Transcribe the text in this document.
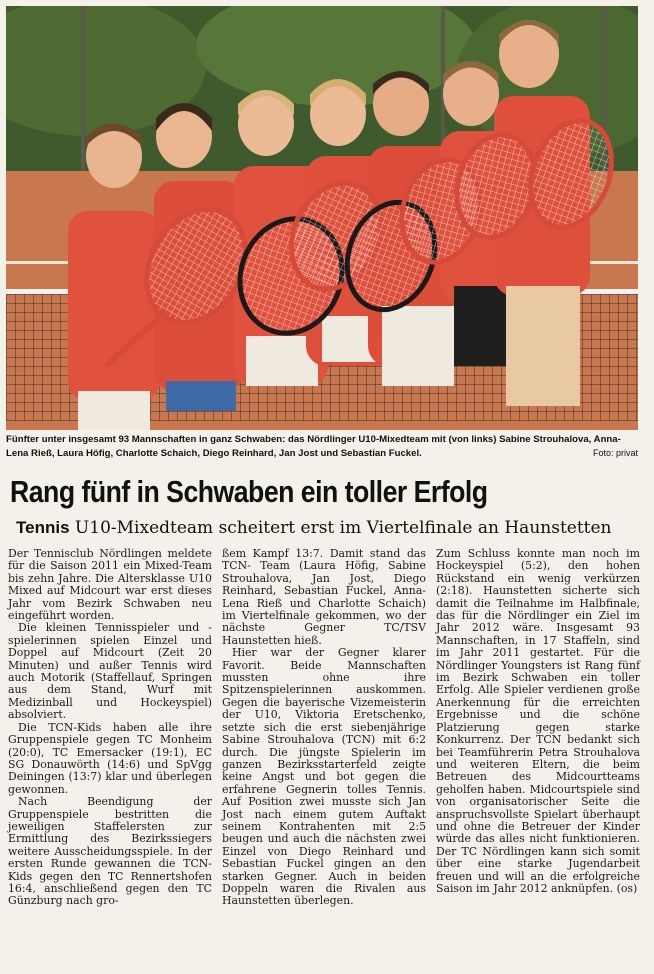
Fünfter unter insgesamt 93 Mannschaften in ganz Schwaben: das Nördlinger U10-Mixedteam mit (von links) Sabine Strouhalova, Anna-Lena Rieß, Laura Höfig, Charlotte Schaich, Diego Reinhard, Jan Jost und Sebastian Fuckel.	Foto: privat
Rang fünf in Schwaben ein toller Erfolg
Tennis U10-Mixedteam scheitert erst im Viertelfinale an Haunstetten

Der Tennisclub Nördlingen meldete für die Saison 2011 ein Mixed-Team bis zehn Jahre. Die Altersklasse U10 Mixed auf Midcourt war erst dieses Jahr vom Bezirk Schwaben neu eingeführt worden.

Die kleinen Tennisspieler und -spielerinnen spielen Einzel und Doppel auf Midcourt (Zeit 20 Minuten) und außer Tennis wird auch Motorik (Staffellauf, Springen aus dem Stand, Wurf mit Medizinball und Hockeyspiel) absolviert.

Die TCN-Kids haben alle ihre Gruppenspiele gegen TC Monheim (20:0), TC Emersacker (19:1), EC SG Donauwörth (14:6) und SpVgg Deiningen (13:7) klar und überlegen gewonnen.

Nach Beendigung der Gruppenspiele bestritten die jeweiligen Staffelersten zur Ermittlung des Bezirkssiegers weitere Ausscheidungsspiele. In der ersten Runde gewannen die TCN-Kids gegen den TC Rennertshofen 16:4, anschließend gegen den TC Günzburg nach gro-

ßem Kampf 13:7. Damit stand das TCN- Team (Laura Höfig, Sabine Strouhalova, Jan Jost, Diego Reinhard, Sebastian Fuckel, Anna-Lena Rieß und Charlotte Schaich) im Viertelfinale gekommen, wo der nächste Gegner TC/TSV Haunstetten hieß.

Hier war der Gegner klarer Favorit. Beide Mannschaften mussten ohne ihre Spitzenspielerinnen auskommen. Gegen die bayerische Vizemeisterin der U10, Viktoria Eretschenko, setzte sich die erst siebenjährige Sabine Strouhalova (TCN) mit 6:2 durch. Die jüngste Spielerin im ganzen Bezirksstarterfeld zeigte keine Angst und bot gegen die erfahrene Gegnerin tolles Tennis. Auf Position zwei musste sich Jan Jost nach einem gutem Auftakt seinem Kontrahenten mit 2:5 beugen und auch die nächsten zwei Einzel von Diego Reinhard und Sebastian Fuckel gingen an den starken Gegner. Auch in beiden Doppeln waren die Rivalen aus Haunstetten überlegen.

Zum Schluss konnte man noch im Hockeyspiel (5:2), den hohen Rückstand ein wenig verkürzen (2:18). Haunstetten sicherte sich damit die Teilnahme im Halbfinale, das für die Nördlinger ein Ziel im Jahr 2012 wäre. Insgesamt 93 Mannschaften, in 17 Staffeln, sind im Jahr 2011 gestartet. Für die Nördlinger Youngsters ist Rang fünf im Bezirk Schwaben ein toller Erfolg. Alle Spieler verdienen große Anerkennung für die erreichten Ergebnisse und die schöne Platzierung gegen starke Konkurrenz. Der TCN bedankt sich bei Teamführerin Petra Strouhalova und weiteren Eltern, die beim Betreuen des Midcourtteams geholfen haben. Midcourtspiele sind von organisatorischer Seite die anspruchsvollste Spielart überhaupt und ohne die Betreuer der Kinder würde das alles nicht funktionieren. Der TC Nördlingen kann sich somit über eine starke Jugendarbeit freuen und will an die erfolgreiche Saison im Jahr 2012 anknüpfen. (os)
